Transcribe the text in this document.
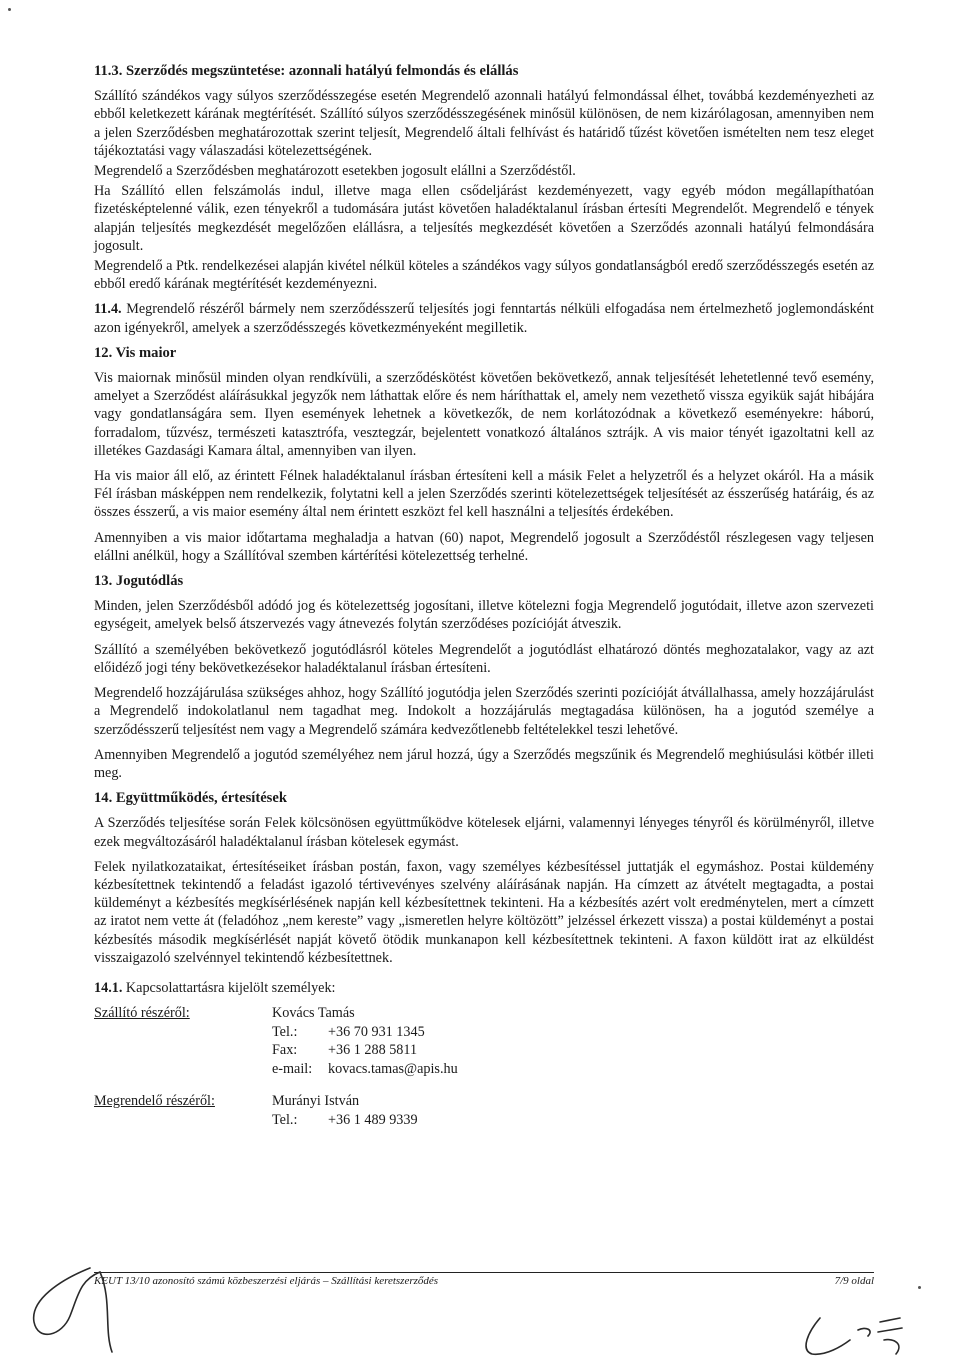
11.3. Szerződés megszüntetése: azonnali hatályú felmondás és elállás

Szállító szándékos vagy súlyos szerződésszegése esetén Megrendelő azonnali hatályú felmondással élhet, továbbá kezdeményezheti az ebből keletkezett kárának megtérítését. Szállító súlyos szerződésszegésének minősül különösen, de nem kizárólagosan, amennyiben nem a jelen Szerződésben meghatározottak szerint teljesít, Megrendelő általi felhívást és határidő tűzést követően ismételten nem tesz eleget tájékoztatási vagy válaszadási kötelezettségének.

Megrendelő a Szerződésben meghatározott esetekben jogosult elállni a Szerződéstől.

Ha Szállító ellen felszámolás indul, illetve maga ellen csődeljárást kezdeményezett, vagy egyéb módon megállapíthatóan fizetésképtelenné válik, ezen tényekről a tudomására jutást követően haladéktalanul írásban értesíti Megrendelőt. Megrendelő e tények alapján teljesítés megkezdését megelőzően elállásra, a teljesítés megkezdését követően a Szerződés azonnali hatályú felmondására jogosult.

Megrendelő a Ptk. rendelkezései alapján kivétel nélkül köteles a szándékos vagy súlyos gondatlanságból eredő szerződésszegés esetén az ebből eredő kárának megtérítését kezdeményezni.

11.4. Megrendelő részéről bármely nem szerződésszerű teljesítés jogi fenntartás nélküli elfogadása nem értelmezhető joglemondásként azon igényekről, amelyek a szerződésszegés következményeként megilletik.

12. Vis maior

Vis maiornak minősül minden olyan rendkívüli, a szerződéskötést követően bekövetkező, annak teljesítését lehetetlenné tevő esemény, amelyet a Szerződést aláírásukkal jegyzők nem láthattak előre és nem háríthattak el, amely nem vezethető vissza egyikük saját hibájára vagy gondatlanságára sem. Ilyen események lehetnek a következők, de nem korlátozódnak a következő eseményekre: háború, forradalom, tűzvész, természeti katasztrófa, vesztegzár, bejelentett vonatkozó általános sztrájk. A vis maior tényét igazoltatni kell az illetékes Gazdasági Kamara által, amennyiben van ilyen.

Ha vis maior áll elő, az érintett Félnek haladéktalanul írásban értesíteni kell a másik Felet a helyzetről és a helyzet okáról. Ha a másik Fél írásban másképpen nem rendelkezik, folytatni kell a jelen Szerződés szerinti kötelezettségek teljesítését az ésszerűség határáig, és az összes ésszerű, a vis maior esemény által nem érintett eszközt fel kell használni a teljesítés érdekében.

Amennyiben a vis maior időtartama meghaladja a hatvan (60) napot, Megrendelő jogosult a Szerződéstől részlegesen vagy teljesen elállni anélkül, hogy a Szállítóval szemben kártérítési kötelezettség terhelné.

13. Jogutódlás

Minden, jelen Szerződésből adódó jog és kötelezettség jogosítani, illetve kötelezni fogja Megrendelő jogutódait, illetve azon szervezeti egységeit, amelyek belső átszervezés vagy átnevezés folytán szerződéses pozícióját átveszik.

Szállító a személyében bekövetkező jogutódlásról köteles Megrendelőt a jogutódlást elhatározó döntés meghozatalakor, vagy az azt előidéző jogi tény bekövetkezésekor haladéktalanul írásban értesíteni.

Megrendelő hozzájárulása szükséges ahhoz, hogy Szállító jogutódja jelen Szerződés szerinti pozícióját átvállalhassa, amely hozzájárulást a Megrendelő indokolatlanul nem tagadhat meg. Indokolt a hozzájárulás megtagadása különösen, ha a jogutód személye a szerződésszerű teljesítést nem vagy a Megrendelő számára kedvezőtlenebb feltételekkel teszi lehetővé.

Amennyiben Megrendelő a jogutód személyéhez nem járul hozzá, úgy a Szerződés megszűnik és Megrendelő meghiúsulási kötbér illeti meg.

14. Együttműködés, értesítések

A Szerződés teljesítése során Felek kölcsönösen együttműködve kötelesek eljárni, valamennyi lényeges tényről és körülményről, illetve ezek megváltozásáról haladéktalanul írásban kötelesek egymást.

Felek nyilatkozataikat, értesítéseiket írásban postán, faxon, vagy személyes kézbesítéssel juttatják el egymáshoz. Postai küldemény kézbesítettnek tekintendő a feladást igazoló tértivevényes szelvény aláírásának napján. Ha címzett az átvételt megtagadta, a postai küldeményt a kézbesítés megkísérlésének napján kell kézbesítettnek tekinteni. Ha a kézbesítés azért volt eredménytelen, mert a címzett az iratot nem vette át (feladóhoz „nem kereste” vagy „ismeretlen helyre költözött” jelzéssel érkezett vissza) a postai küldeményt a postai kézbesítés második megkísérlését napját követő ötödik munkanapon kell kézbesítettnek tekinteni. A faxon küldött irat az elküldést visszaigazoló szelvénnyel tekintendő kézbesítettnek.

14.1. Kapcsolattartásra kijelölt személyek:

Szállító részéről:	Kovács Tamás
Tel.:	+36 70 931 1345
Fax:	+36 1 288 5811
e-mail:	kovacs.tamas@apis.hu
Megrendelő részéről:	Murányi István
Tel.:	+36 1 489 9339
KEUT 13/10 azonosító számú közbeszerzési eljárás – Szállítási keretszerződés	7/9 oldal
